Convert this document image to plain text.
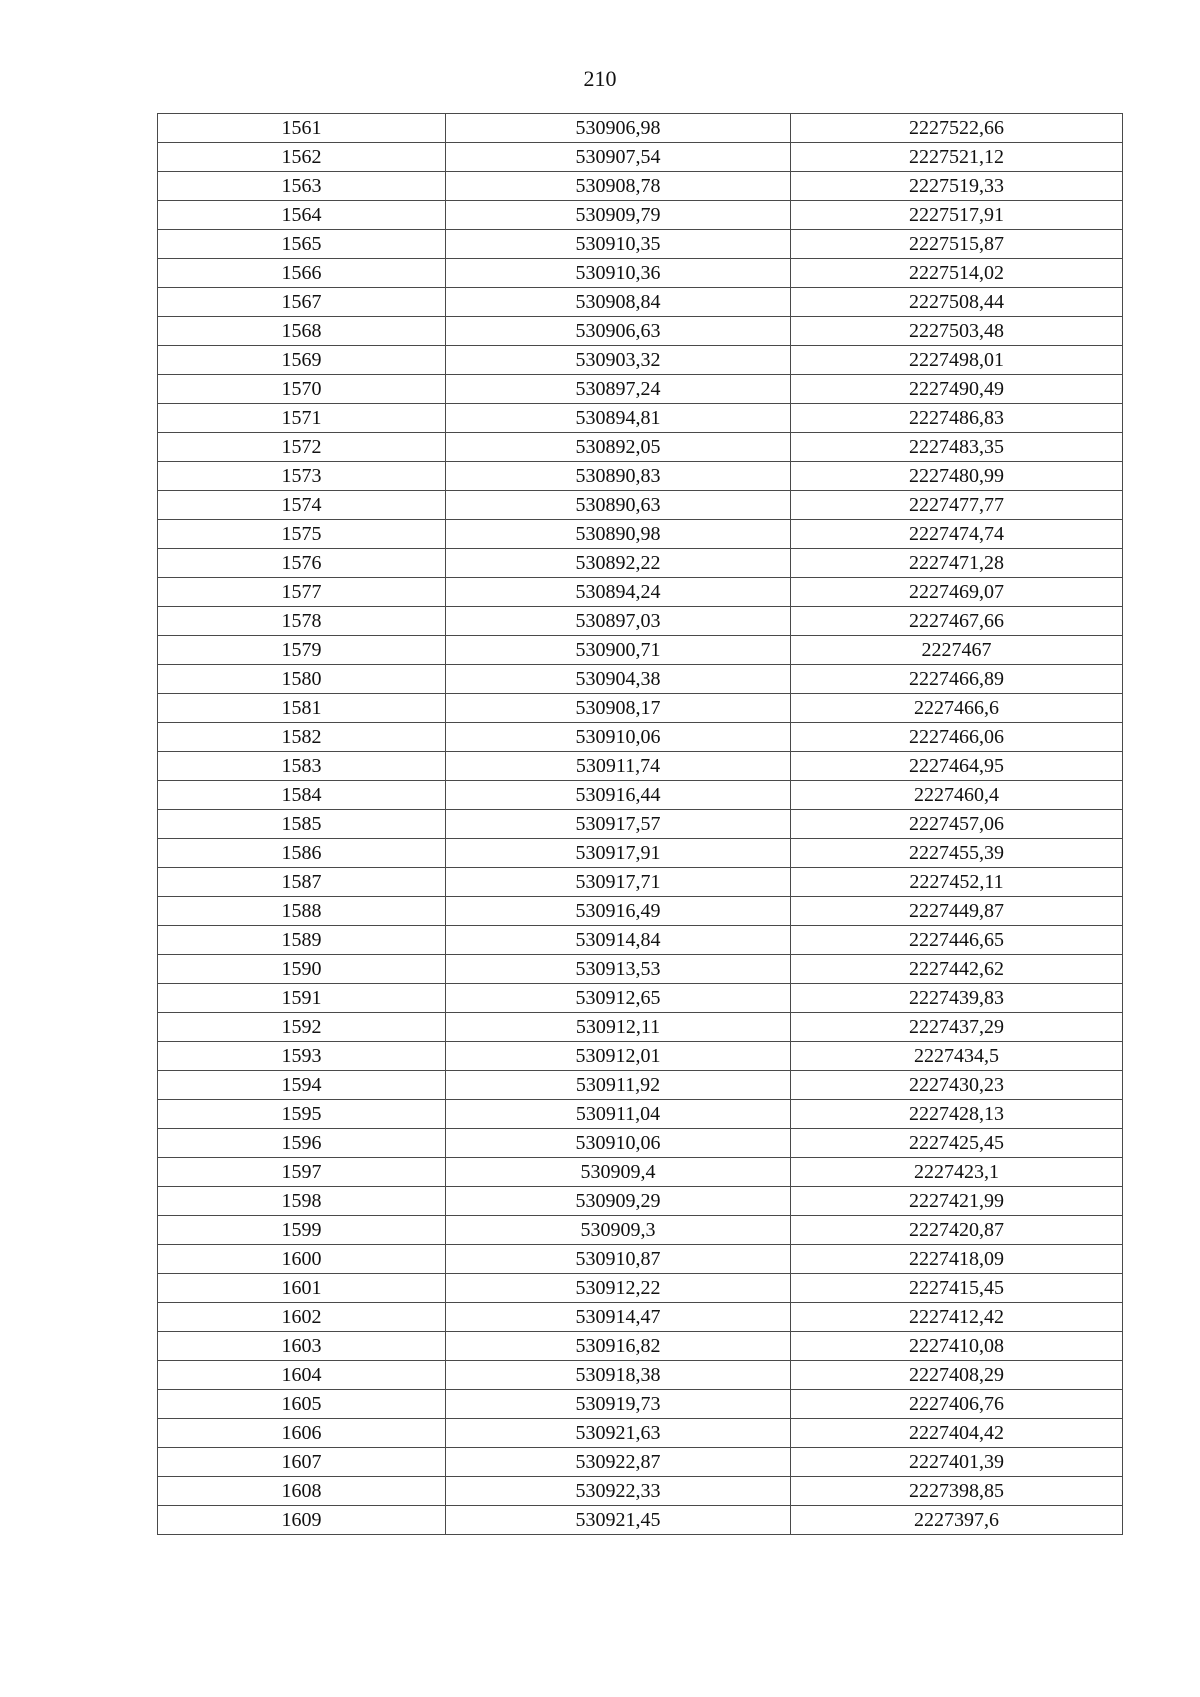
210
1561	530906,98	2227522,66
1562	530907,54	2227521,12
1563	530908,78	2227519,33
1564	530909,79	2227517,91
1565	530910,35	2227515,87
1566	530910,36	2227514,02
1567	530908,84	2227508,44
1568	530906,63	2227503,48
1569	530903,32	2227498,01
1570	530897,24	2227490,49
1571	530894,81	2227486,83
1572	530892,05	2227483,35
1573	530890,83	2227480,99
1574	530890,63	2227477,77
1575	530890,98	2227474,74
1576	530892,22	2227471,28
1577	530894,24	2227469,07
1578	530897,03	2227467,66
1579	530900,71	2227467
1580	530904,38	2227466,89
1581	530908,17	2227466,6
1582	530910,06	2227466,06
1583	530911,74	2227464,95
1584	530916,44	2227460,4
1585	530917,57	2227457,06
1586	530917,91	2227455,39
1587	530917,71	2227452,11
1588	530916,49	2227449,87
1589	530914,84	2227446,65
1590	530913,53	2227442,62
1591	530912,65	2227439,83
1592	530912,11	2227437,29
1593	530912,01	2227434,5
1594	530911,92	2227430,23
1595	530911,04	2227428,13
1596	530910,06	2227425,45
1597	530909,4	2227423,1
1598	530909,29	2227421,99
1599	530909,3	2227420,87
1600	530910,87	2227418,09
1601	530912,22	2227415,45
1602	530914,47	2227412,42
1603	530916,82	2227410,08
1604	530918,38	2227408,29
1605	530919,73	2227406,76
1606	530921,63	2227404,42
1607	530922,87	2227401,39
1608	530922,33	2227398,85
1609	530921,45	2227397,6
